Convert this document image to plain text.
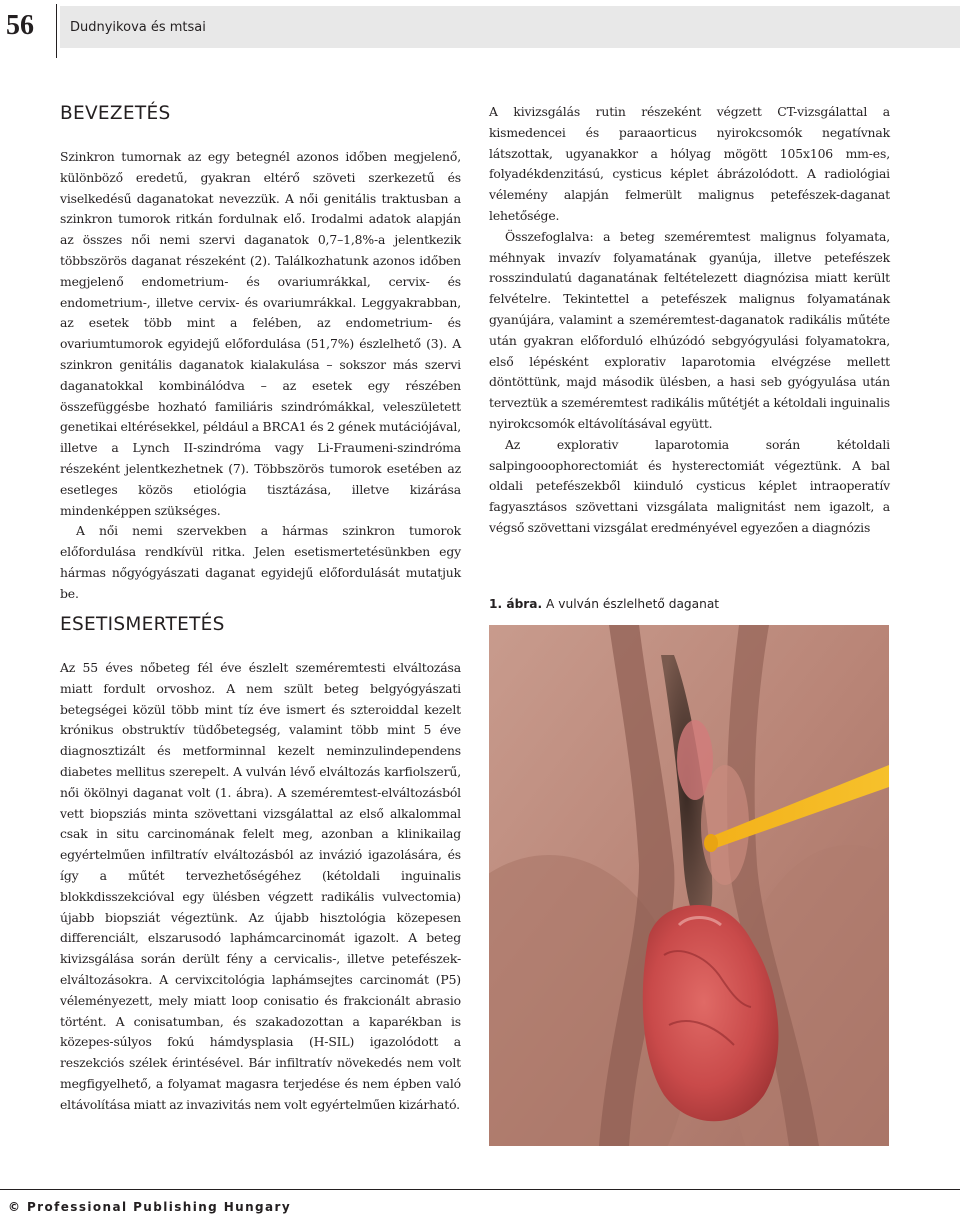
56	Dudnyikova és mtsai
BEVEZETÉS

Szinkron tumornak az egy betegnél azonos időben megjelenő, különböző eredetű, gyakran eltérő szöveti szerkezetű és viselkedésű daganatokat nevezzük. A női genitális traktusban a szinkron tumorok ritkán fordulnak elő. Irodalmi adatok alapján az összes női nemi szervi daganatok 0,7–1,8%-a jelentkezik többszörös daganat részeként (2). Találkozhatunk azonos időben megjelenő endometrium- és ovariumrákkal, cervix- és endometrium-, illetve cervix- és ovariumrákkal. Leggyakrabban, az esetek több mint a felében, az endometrium- és ovariumtumorok egyidejű előfordulása (51,7%) észlelhető (3). A szinkron genitális daganatok kialakulása – sokszor más szervi daganatokkal kombinálódva – az esetek egy részében összefüggésbe hozható familiáris szindrómákkal, veleszületett genetikai eltérésekkel, például a BRCA1 és 2 gének mutációjával, illetve a Lynch II-szindróma vagy Li-Fraumeni-szindróma részeként jelentkezhetnek (7). Többszörös tumorok esetében az esetleges közös etiológia tisztázása, illetve kizárása mindenképpen szükséges.

A női nemi szervekben a hármas szinkron tumorok előfordulása rendkívül ritka. Jelen esetismertetésünkben egy hármas nőgyógyászati daganat egyidejű előfordulását mutatjuk be.

ESETISMERTETÉS

Az 55 éves nőbeteg fél éve észlelt szeméremtesti elváltozása miatt fordult orvoshoz. A nem szült beteg belgyógyászati betegségei közül több mint tíz éve ismert és szteroiddal kezelt krónikus obstruktív tüdőbetegség, valamint több mint 5 éve diagnosztizált és metforminnal kezelt neminzulindependens diabetes mellitus szerepelt. A vulván lévő elváltozás karfiolszerű, női ökölnyi daganat volt (1. ábra). A szeméremtest-elváltozásból vett biopsziás minta szövettani vizsgálattal az első alkalommal csak in situ carcinomának felelt meg, azonban a klinikailag egyértelműen infiltratív elváltozásból az invázió igazolására, és így a műtét tervezhetőségéhez (kétoldali inguinalis blokkdisszekcióval egy ülésben végzett radikális vulvectomia) újabb biopsziát végeztünk. Az újabb hisztológia közepesen differenciált, elszarusodó laphámcarcinomát igazolt. A beteg kivizsgálása során derült fény a cervicalis-, illetve petefészek-elváltozásokra. A cervixcitológia laphámsejtes carcinomát (P5) véleményezett, mely miatt loop conisatio és frakcionált abrasio történt. A conisatumban, és szakadozottan a kaparékban is közepes-súlyos fokú hámdysplasia (H-SIL) igazolódott a reszekciós szélek érintésével. Bár infiltratív növekedés nem volt megfigyelhető, a folyamat magasra terjedése és nem épben való eltávolítása miatt az invazivitás nem volt egyértelműen kizárható.

A kivizsgálás rutin részeként végzett CT-vizsgálattal a kismedencei és paraaorticus nyirokcsomók negatívnak látszottak, ugyanakkor a hólyag mögött 105x106 mm-es, folyadékdenzitású, cysticus képlet ábrázolódott. A radiológiai vélemény alapján felmerült malignus petefészek-daganat lehetősége.

Összefoglalva: a beteg szeméremtest malignus folyamata, méhnyak invazív folyamatának gyanúja, illetve petefészek rosszindulatú daganatának feltételezett diagnózisa miatt került felvételre. Tekintettel a petefészek malignus folyamatának gyanújára, valamint a szeméremtest-daganatok radikális műtéte után gyakran előforduló elhúzódó sebgyógyulási folyamatokra, első lépésként explorativ laparotomia elvégzése mellett döntöttünk, majd második ülésben, a hasi seb gyógyulása után terveztük a szeméremtest radikális műtétjét a kétoldali inguinalis nyirokcsomók eltávolításával együtt.

Az explorativ laparotomia során kétoldali salpingooophorectomiát és hysterectomiát végeztünk. A bal oldali petefészekből kiinduló cysticus képlet intraoperatív fagyasztásos szövettani vizsgálata malignitást nem igazolt, a végső szövettani vizsgálat eredményével egyezően a diagnózis

1. ábra. A vulván észlelhető daganat
© Professional Publishing Hungary
